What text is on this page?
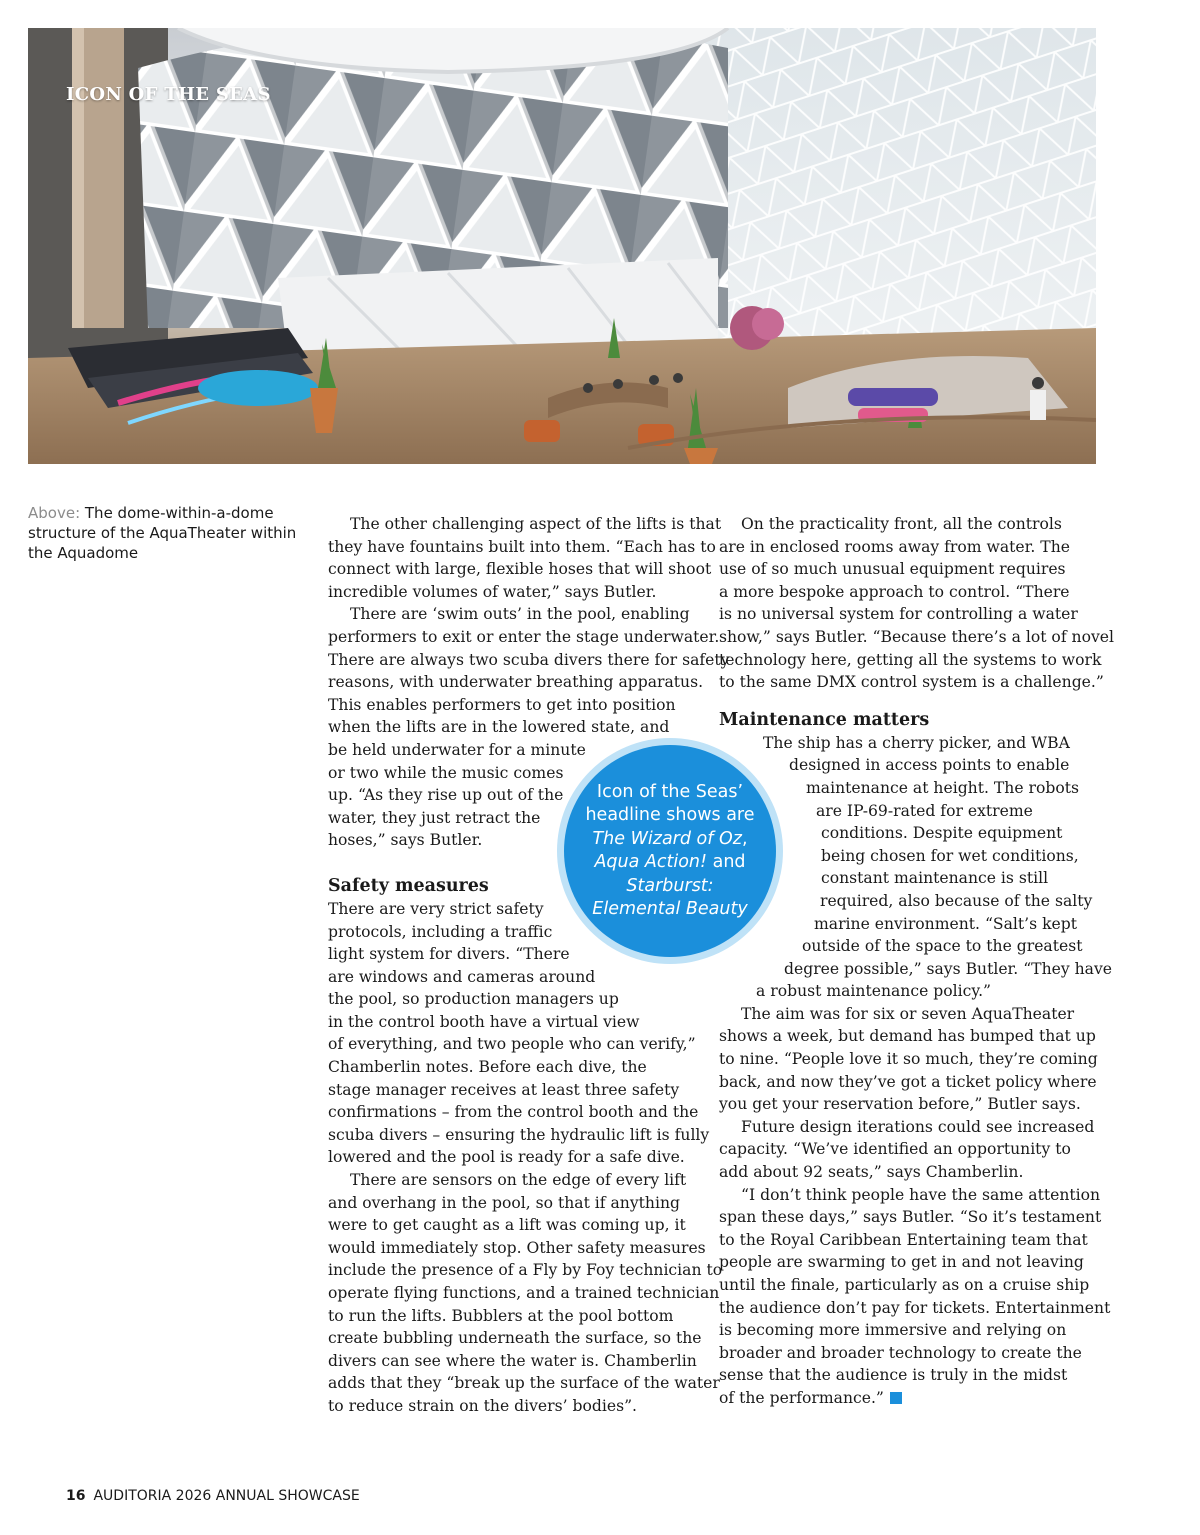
ICON OF THE SEAS
Above: The dome-within-a-dome structure of the AquaTheater within the Aquadome

The other challenging aspect of the lifts is that
they have fountains built into them. “Each has to
connect with large, flexible hoses that will shoot
incredible volumes of water,” says Butler.

There are ‘swim outs’ in the pool, enabling
performers to exit or enter the stage underwater.
There are always two scuba divers there for safety
reasons, with underwater breathing apparatus.
This enables performers to get into position
when the lifts are in the lowered state, and
be held underwater for a minute
or two while the music comes
up. “As they rise up out of the
water, they just retract the
hoses,” says Butler.

Safety measures

There are very strict safety
protocols, including a traffic
light system for divers. “There
are windows and cameras around
the pool, so production managers up
in the control booth have a virtual view
of everything, and two people who can verify,”
Chamberlin notes. Before each dive, the
stage manager receives at least three safety
confirmations – from the control booth and the
scuba divers – ensuring the hydraulic lift is fully
lowered and the pool is ready for a safe dive.

There are sensors on the edge of every lift
and overhang in the pool, so that if anything
were to get caught as a lift was coming up, it
would immediately stop. Other safety measures
include the presence of a Fly by Foy technician to
operate flying functions, and a trained technician
to run the lifts. Bubblers at the pool bottom
create bubbling underneath the surface, so the
divers can see where the water is. Chamberlin
adds that they “break up the surface of the water
to reduce strain on the divers’ bodies”.

On the practicality front, all the controls
are in enclosed rooms away from water. The
use of so much unusual equipment requires
a more bespoke approach to control. “There
is no universal system for controlling a water
show,” says Butler. “Because there’s a lot of novel
technology here, getting all the systems to work
to the same DMX control system is a challenge.”

Maintenance matters

The ship has a cherry picker, and WBA
designed in access points to enable
maintenance at height. The robots
are IP-69-rated for extreme
conditions. Despite equipment
being chosen for wet conditions,
constant maintenance is still
required, also because of the salty
marine environment. “Salt’s kept
outside of the space to the greatest
degree possible,” says Butler. “They have
a robust maintenance policy.”

The aim was for six or seven AquaTheater
shows a week, but demand has bumped that up
to nine. “People love it so much, they’re coming
back, and now they’ve got a ticket policy where
you get your reservation before,” Butler says.

Future design iterations could see increased
capacity. “We’ve identified an opportunity to
add about 92 seats,” says Chamberlin.

“I don’t think people have the same attention
span these days,” says Butler. “So it’s testament
to the Royal Caribbean Entertaining team that
people are swarming to get in and not leaving
until the finale, particularly as on a cruise ship
the audience don’t pay for tickets. Entertainment
is becoming more immersive and relying on
broader and broader technology to create the
sense that the audience is truly in the midst
of the performance.”

Icon of the Seas’ headline shows are The Wizard of Oz, Aqua Action! and Starburst: Elemental Beauty
16 AUDITORIA 2026 ANNUAL SHOWCASE
